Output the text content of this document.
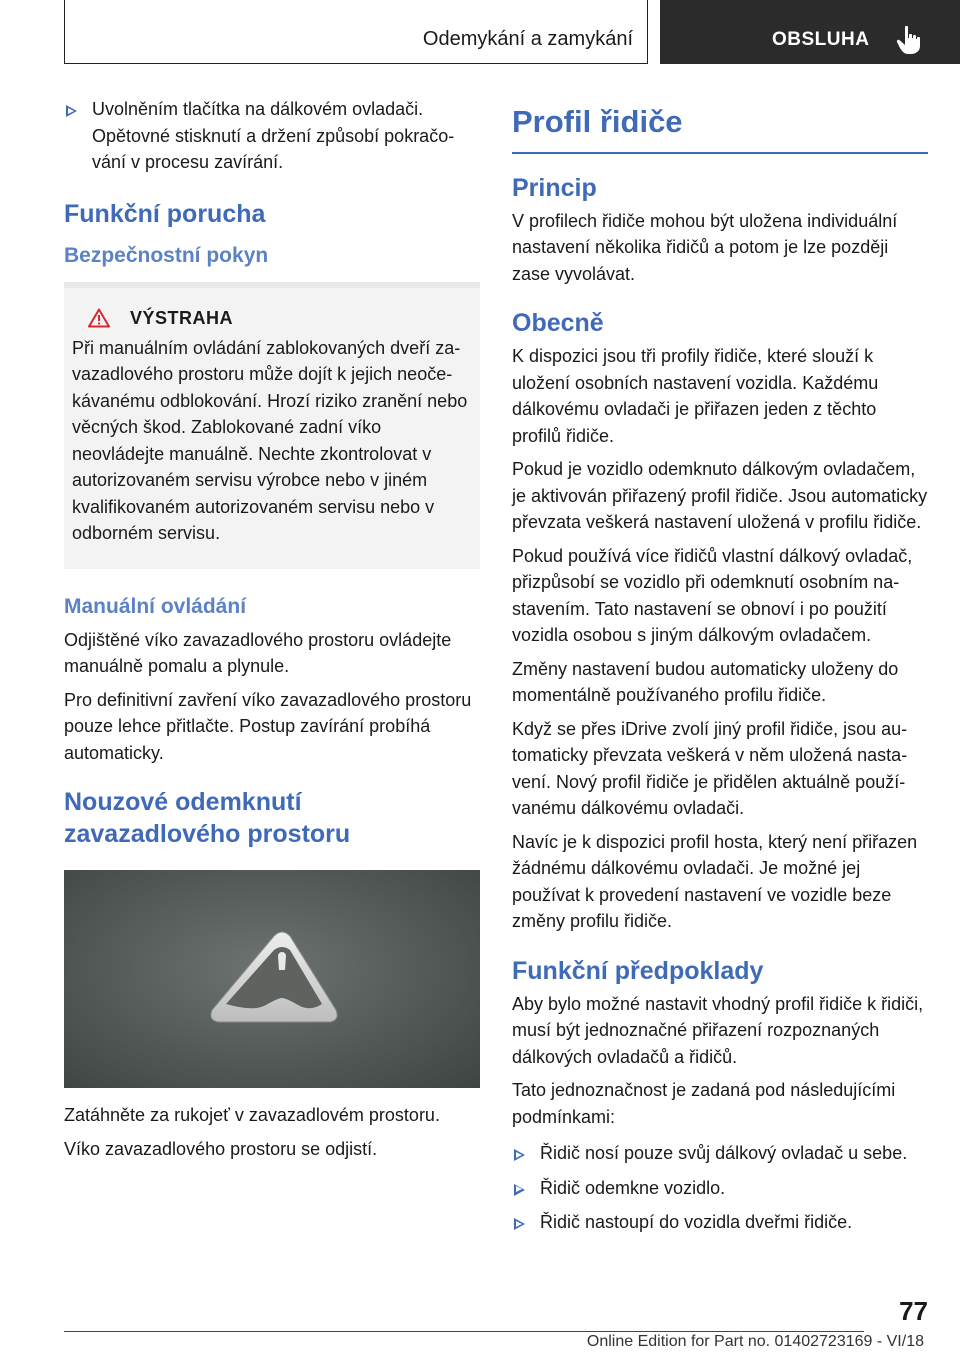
Odemykání a zamykání	OBSLUHA
Uvolněním tlačítka na dálkovém ovladači. Opětovné stisknutí a držení způsobí pokračování v procesu zavírání.
Funkční porucha
Bezpečnostní pokyn
VÝSTRAHA

Při manuálním ovládání zablokovaných dveří zavazadlového prostoru může dojít k jejich neočekávanému odblokování. Hrozí riziko zranění nebo věcných škod. Zablokované zadní víko neovládejte manuálně. Nechte zkontrolovat v autorizovaném servisu výrobce nebo v jiném kvalifikovaném autorizovaném servisu nebo v odborném servisu.

Manuální ovládání

Odjištěné víko zavazadlového prostoru ovládejte manuálně pomalu a plynule.

Pro definitivní zavření víko zavazadlového prostoru pouze lehce přitlačte. Postup zavírání probíhá automaticky.

Nouzové odemknutí zavazadlového prostoru

Zatáhněte za rukojeť v zavazadlovém prostoru.

Víko zavazadlového prostoru se odjistí.

Profil řidiče
Princip

V profilech řidiče mohou být uložena individuální nastavení několika řidičů a potom je lze později zase vyvolávat.

Obecně

K dispozici jsou tři profily řidiče, které slouží k uložení osobních nastavení vozidla. Každému dálkovému ovladači je přiřazen jeden z těchto profilů řidiče.

Pokud je vozidlo odemknuto dálkovým ovladačem, je aktivován přiřazený profil řidiče. Jsou automaticky převzata veškerá nastavení uložená v profilu řidiče.

Pokud používá více řidičů vlastní dálkový ovladač, přizpůsobí se vozidlo při odemknutí osobním nastavením. Tato nastavení se obnoví i po použití vozidla osobou s jiným dálkovým ovladačem.

Změny nastavení budou automaticky uloženy do momentálně používaného profilu řidiče.

Když se přes iDrive zvolí jiný profil řidiče, jsou automaticky převzata veškerá v něm uložená nastavení. Nový profil řidiče je přidělen aktuálně používanému dálkovému ovladači.

Navíc je k dispozici profil hosta, který není přiřazen žádnému dálkovému ovladači. Je možné jej používat k provedení nastavení ve vozidle beze změny profilu řidiče.

Funkční předpoklady

Aby bylo možné nastavit vhodný profil řidiče k řidiči, musí být jednoznačné přiřazení rozpoznaných dálkových ovladačů a řidičů.

Tato jednoznačnost je zadaná pod následujícími podmínkami:

Řidič nosí pouze svůj dálkový ovladač u sebe.
Řidič odemkne vozidlo.
Řidič nastoupí do vozidla dveřmi řidiče.
77
Online Edition for Part no. 01402723169 - VI/18
